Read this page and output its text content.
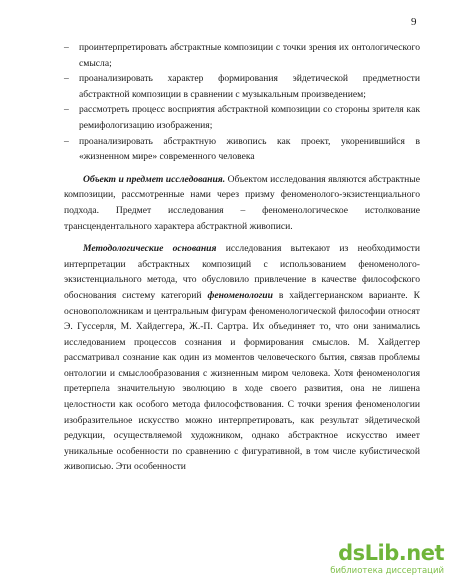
9
– проинтерпретировать абстрактные композиции с точки зрения их онтологического смысла;
– проанализировать характер формирования эйдетической предметности абстрактной композиции в сравнении с музыкальным произведением;
– рассмотреть процесс восприятия абстрактной композиции со стороны зрителя как ремифологизацию изображения;
– проанализировать абстрактную живопись как проект, укоренившийся в «жизненном мире» современного человека

Объект и предмет исследования. Объектом исследования являются абстрактные композиции, рассмотренные нами через призму феноменолого-экзистенциального подхода. Предмет исследования – феноменологическое истолкование трансцендентального характера абстрактной живописи.

Методологические основания исследования вытекают из необходимости интерпретации абстрактных композиций с использованием феноменолого-экзистенциального метода, что обусловило привлечение в качестве философского обоснования систему категорий феноменологии в хайдеггерианском варианте. К основоположникам и центральным фигурам феноменологической философии относят Э. Гуссерля, М. Хайдеггера, Ж.-П. Сартра. Их объединяет то, что они занимались исследованием процессов сознания и формирования смыслов. М. Хайдеггер рассматривал сознание как один из моментов человеческого бытия, связав проблемы онтологии и смыслообразования с жизненным миром человека. Хотя феноменология претерпела значительную эволюцию в ходе своего развития, она не лишена целостности как особого метода философствования. С точки зрения феноменологии изобразительное искусство можно интерпретировать, как результат эйдетической редукции, осуществляемой художником, однако абстрактное искусство имеет уникальные особенности по сравнению с фигуративной, в том числе кубистической живописью. Эти особенности

dsLib.net
библиотека диссертаций
